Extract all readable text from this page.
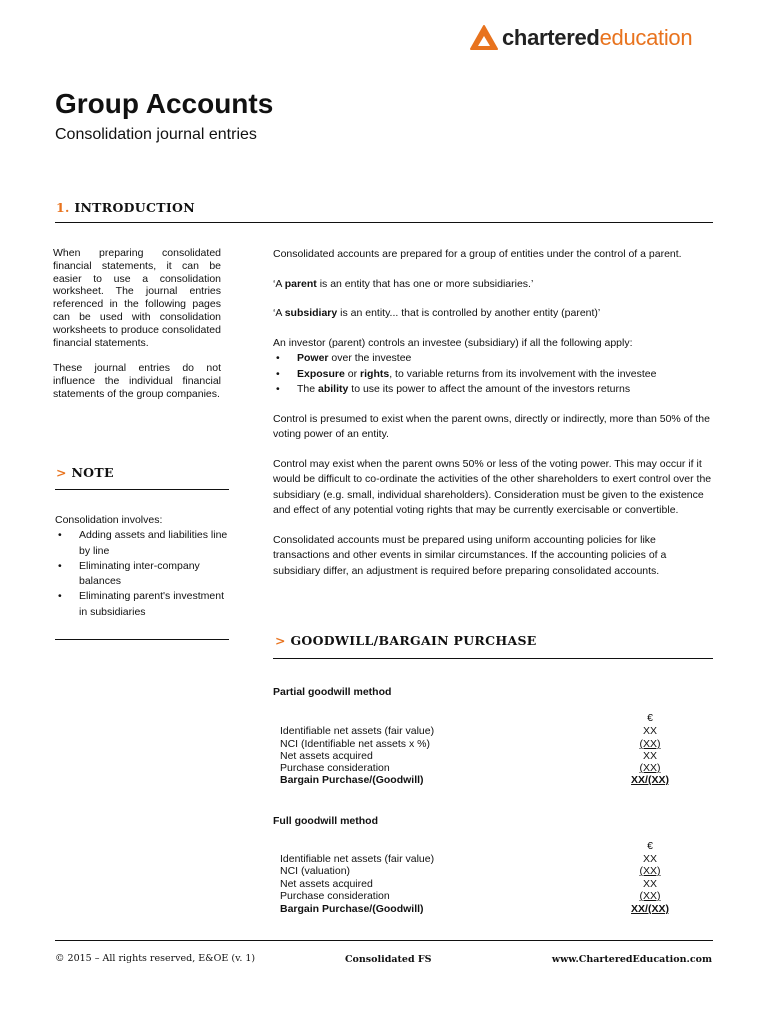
chartered education
Group Accounts
Consolidation journal entries
1. INTRODUCTION

When preparing consolidated financial statements, it can be easier to use a consolidation worksheet. The journal entries referenced in the following pages can be used with consolidation worksheets to produce consolidated financial statements.

These journal entries do not influence the individual financial statements of the group companies.

> NOTE
Consolidation involves:
• Adding assets and liabilities line by line
• Eliminating inter-company balances
• Eliminating parent's investment in subsidiaries

Consolidated accounts are prepared for a group of entities under the control of a parent.

‘A parent is an entity that has one or more subsidiaries.’

‘A subsidiary is an entity... that is controlled by another entity (parent)’

An investor (parent) controls an investee (subsidiary) if all the following apply:

• Power over the investee
• Exposure or rights, to variable returns from its involvement with the investee
• The ability to use its power to affect the amount of the investors returns

Control is presumed to exist when the parent owns, directly or indirectly, more than 50% of the voting power of an entity.

Control may exist when the parent owns 50% or less of the voting power. This may occur if it would be difficult to co-ordinate the activities of the other shareholders to exert control over the subsidiary (e.g. small, individual shareholders). Consideration must be given to the existence and effect of any potential voting rights that may be currently exercisable or convertible.

Consolidated accounts must be prepared using uniform accounting policies for like transactions and other events in similar circumstances. If the accounting policies of a subsidiary differ, an adjustment is required before preparing consolidated accounts.

> GOODWILL/BARGAIN PURCHASE
Partial goodwill method
€
Identifiable net assets (fair value)	XX
NCI (Identifiable net assets x %)	(XX)
Net assets acquired	XX
Purchase consideration	(XX)
Bargain Purchase/(Goodwill)	XX/(XX)
Full goodwill method
€
Identifiable net assets (fair value)	XX
NCI (valuation)	(XX)
Net assets acquired	XX
Purchase consideration	(XX)
Bargain Purchase/(Goodwill)	XX/(XX)
© 2015 – All rights reserved, E&OE (v. 1)	Consolidated FS	www.CharteredEducation.com
